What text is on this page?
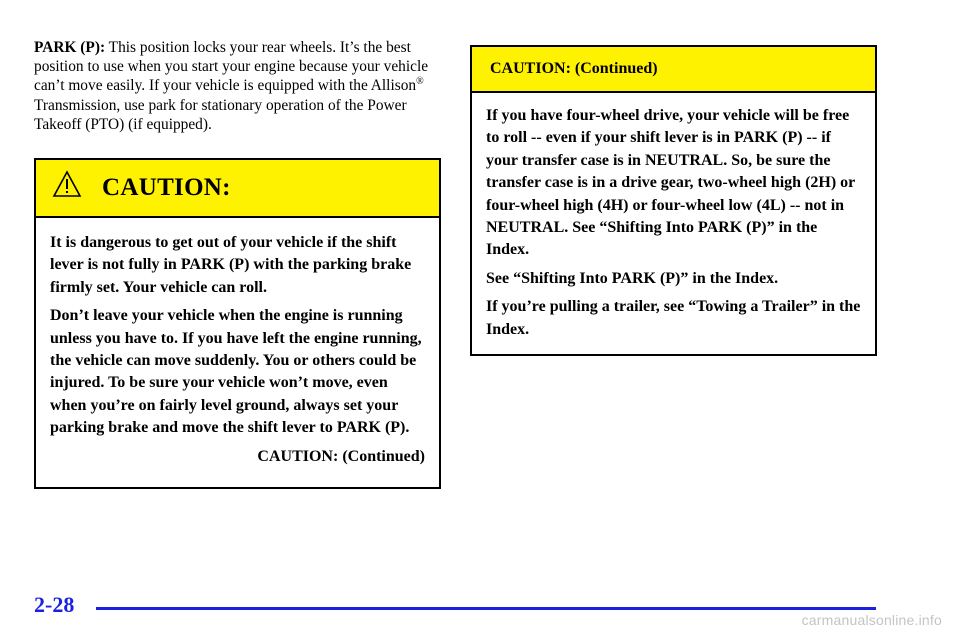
PARK (P): This position locks your rear wheels. It’s the best position to use when you start your engine because your vehicle can’t move easily. If your vehicle is equipped with the Allison® Transmission, use park for stationary operation of the Power Takeoff (PTO) (if equipped).
CAUTION:

It is dangerous to get out of your vehicle if the shift lever is not fully in PARK (P) with the parking brake firmly set. Your vehicle can roll.

Don’t leave your vehicle when the engine is running unless you have to. If you have left the engine running, the vehicle can move suddenly. You or others could be injured. To be sure your vehicle won’t move, even when you’re on fairly level ground, always set your parking brake and move the shift lever to PARK (P).

CAUTION: (Continued)

CAUTION: (Continued)

If you have four-wheel drive, your vehicle will be free to roll -- even if your shift lever is in PARK (P) -- if your transfer case is in NEUTRAL. So, be sure the transfer case is in a drive gear, two-wheel high (2H) or four-wheel high (4H) or four-wheel low (4L) -- not in NEUTRAL. See “Shifting Into PARK (P)” in the Index.

See “Shifting Into PARK (P)” in the Index.

If you’re pulling a trailer, see “Towing a Trailer” in the Index.

2-28
carmanualsonline.info
